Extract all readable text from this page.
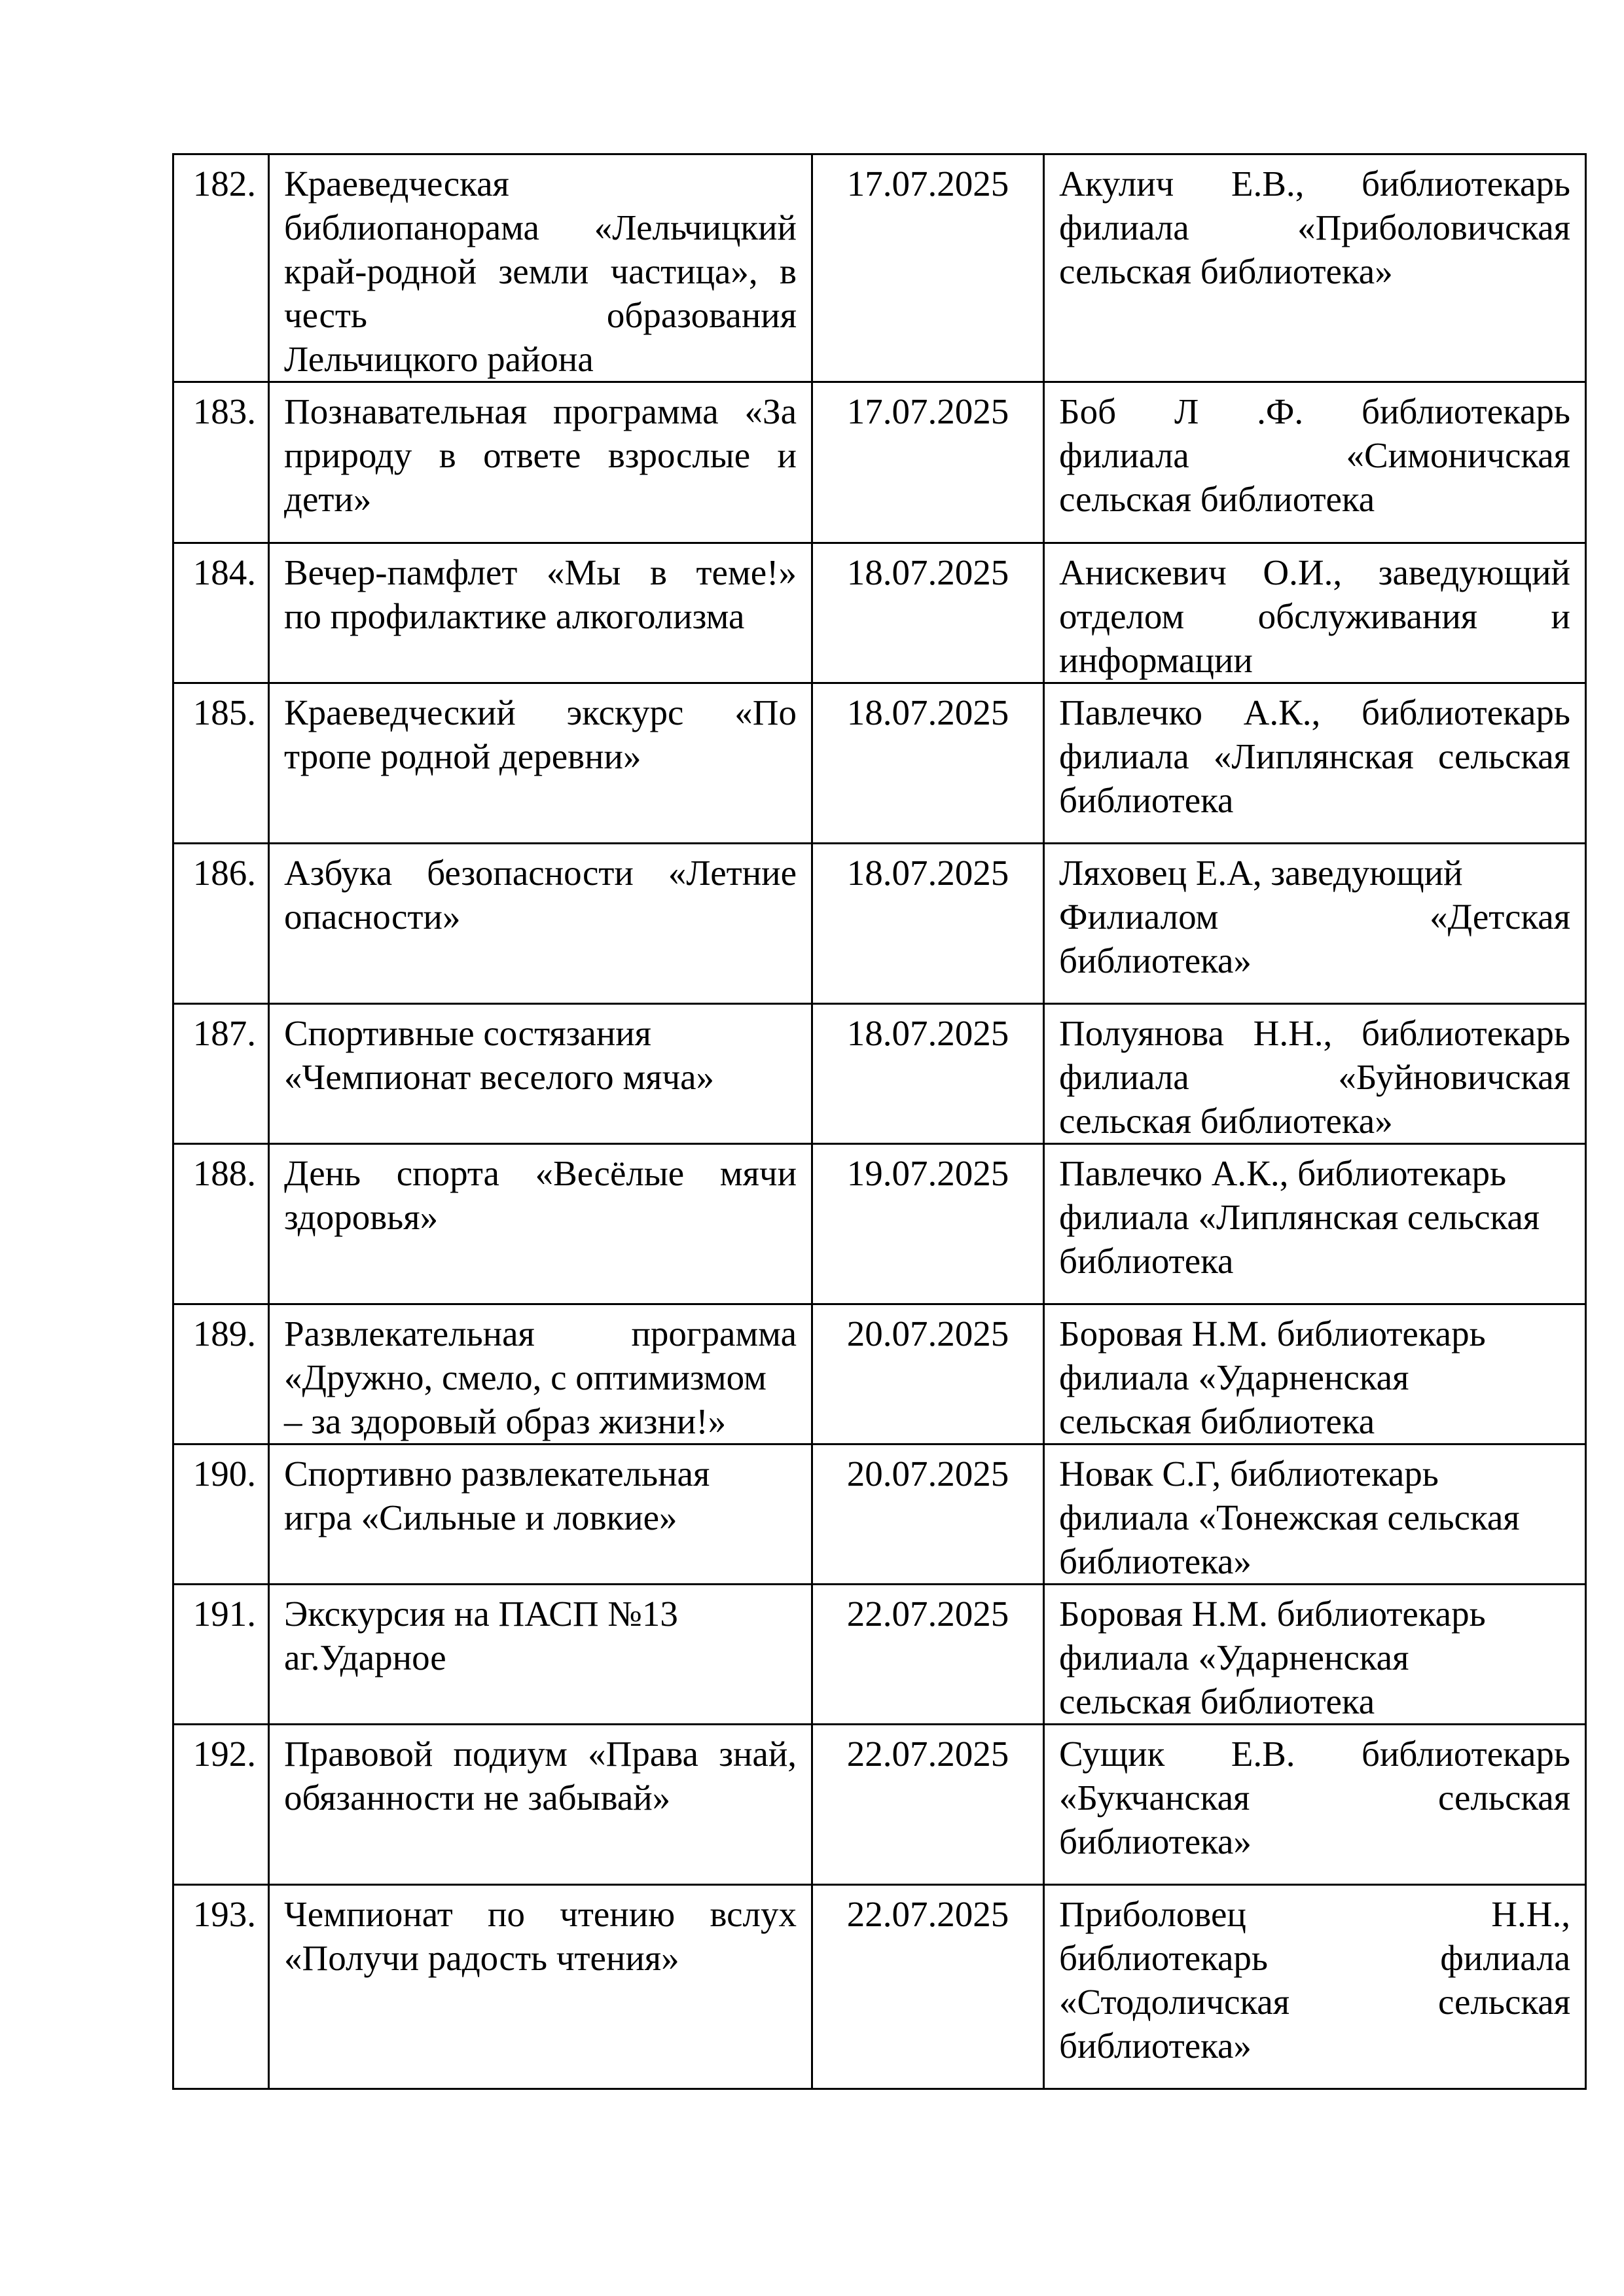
182.	Краеведческая
библиопанорама «Лельчицкий
край-родной земли частица», в
честь образования
Лельчицкого района	17.07.2025	Акулич Е.В., библиотекарь
филиала «Приболовичская
сельская библиотека»

183.	Познавательная программа «За
природу в ответе взрослые и
дети»	17.07.2025	Боб Л .Ф. библиотекарь
филиала «Симоничская
сельская библиотека

184.	Вечер-памфлет «Мы в теме!»
по профилактике алкоголизма	18.07.2025	Анискевич О.И., заведующий
отделом обслуживания и
информации

185.	Краеведческий экскурс «По
тропе родной деревни»	18.07.2025	Павлечко А.К., библиотекарь
филиала «Липлянская сельская
библиотека

186.	Азбука безопасности «Летние
опасности»	18.07.2025	Ляховец Е.А, заведующий
Филиалом «Детская
библиотека»

187.	Спортивные состязания
«Чемпионат веселого мяча»	18.07.2025	Полуянова Н.Н., библиотекарь
филиала «Буйновичская
сельская библиотека»

188.	День спорта «Весёлые мячи
здоровья»	19.07.2025	Павлечко А.К., библиотекарь
филиала «Липлянская сельская
библиотека

189.	Развлекательная программа
«Дружно, смело, с оптимизмом
– за здоровый образ жизни!»	20.07.2025	Боровая Н.М. библиотекарь
филиала «Ударненская
сельская библиотека

190.	Спортивно развлекательная
игра «Сильные и ловкие»	20.07.2025	Новак С.Г, библиотекарь
филиала «Тонежская сельская
библиотека»

191.	Экскурсия на ПАСП №13
аг.Ударное	22.07.2025	Боровая Н.М. библиотекарь
филиала «Ударненская
сельская библиотека

192.	Правовой подиум «Права знай,
обязанности не забывай»	22.07.2025	Сущик Е.В. библиотекарь
«Букчанская сельская
библиотека»

193.	Чемпионат по чтению вслух
«Получи радость чтения»	22.07.2025	Приболовец Н.Н.,
библиотекарь филиала
«Стодоличская сельская
библиотека»
